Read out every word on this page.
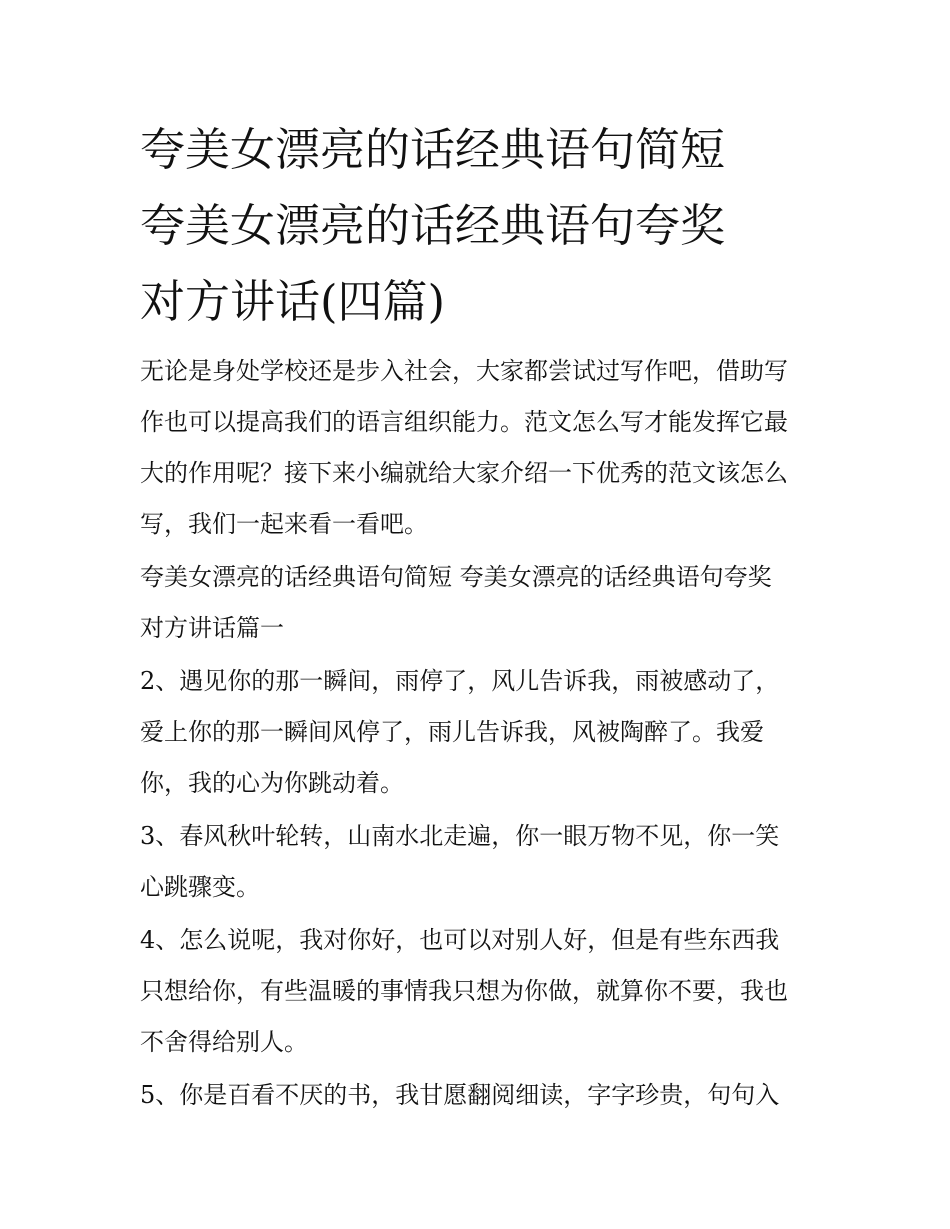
夸美女漂亮的话经典语句简短
夸美女漂亮的话经典语句夸奖
对方讲话(四篇)

无论是身处学校还是步入社会，大家都尝试过写作吧，借助写
作也可以提高我们的语言组织能力。范文怎么写才能发挥它最
大的作用呢？接下来小编就给大家介绍一下优秀的范文该怎么
写，我们一起来看一看吧。

夸美女漂亮的话经典语句简短 夸美女漂亮的话经典语句夸奖
对方讲话篇一

2、遇见你的那一瞬间，雨停了，风儿告诉我，雨被感动了，
爱上你的那一瞬间风停了，雨儿告诉我，风被陶醉了。我爱
你，我的心为你跳动着。

3、春风秋叶轮转，山南水北走遍，你一眼万物不见，你一笑
心跳骤变。

4、怎么说呢，我对你好，也可以对别人好，但是有些东西我
只想给你，有些温暖的事情我只想为你做，就算你不要，我也
不舍得给别人。

5、你是百看不厌的书，我甘愿翻阅细读，字字珍贵，句句入
